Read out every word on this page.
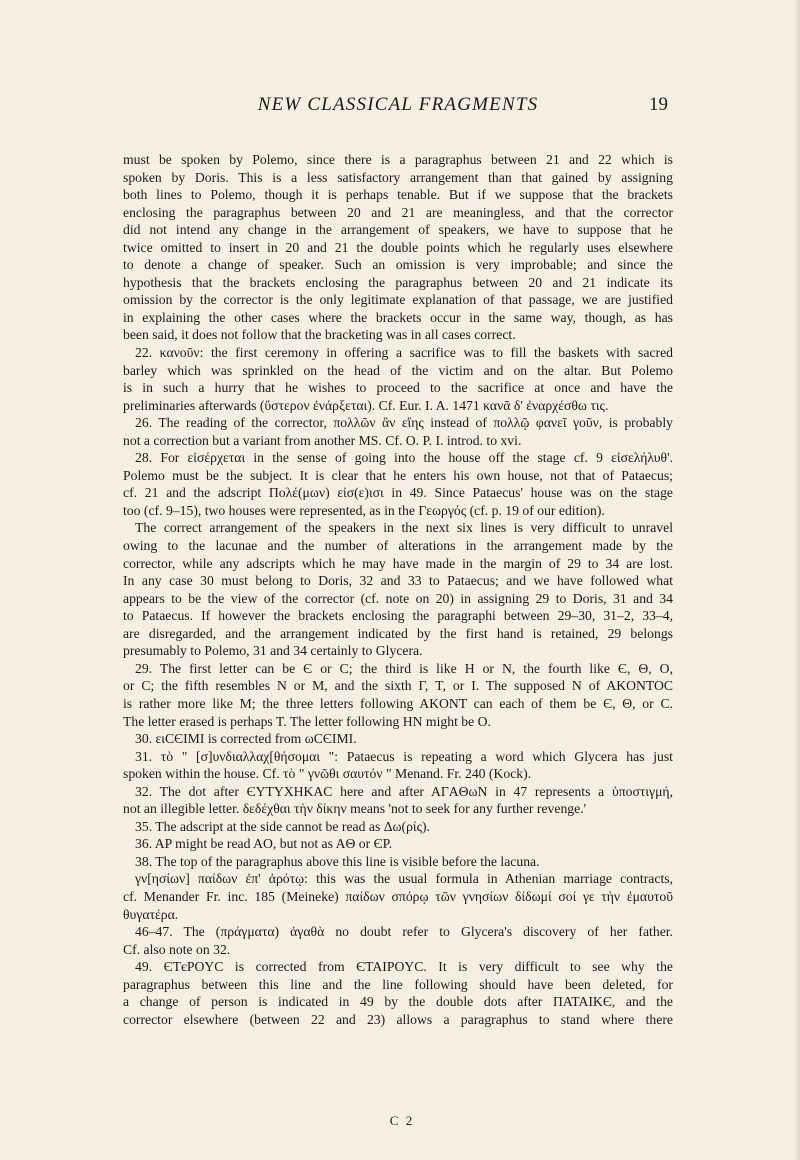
NEW CLASSICAL FRAGMENTS	19
must be spoken by Polemo, since there is a paragraphus between 21 and 22 which is
spoken by Doris. This is a less satisfactory arrangement than that gained by assigning
both lines to Polemo, though it is perhaps tenable. But if we suppose that the brackets
enclosing the paragraphus between 20 and 21 are meaningless, and that the corrector
did not intend any change in the arrangement of speakers, we have to suppose that he
twice omitted to insert in 20 and 21 the double points which he regularly uses elsewhere
to denote a change of speaker. Such an omission is very improbable; and since the
hypothesis that the brackets enclosing the paragraphus between 20 and 21 indicate its
omission by the corrector is the only legitimate explanation of that passage, we are justified
in explaining the other cases where the brackets occur in the same way, though, as has
been said, it does not follow that the bracketing was in all cases correct.
22. κανοῦν: the first ceremony in offering a sacrifice was to fill the baskets with sacred
barley which was sprinkled on the head of the victim and on the altar. But Polemo
is in such a hurry that he wishes to proceed to the sacrifice at once and have the
preliminaries afterwards (ὕστερον ἐνάρξεται). Cf. Eur. I. A. 1471 κανᾶ δ' ἐναρχέσθω τις.
26. The reading of the corrector, πολλῶν ἂν εἴης instead of πολλῷ φανεῖ γοῦν, is probably
not a correction but a variant from another MS. Cf. O. P. I. introd. to xvi.
28. For εἰσέρχεται in the sense of going into the house off the stage cf. 9 εἰσελήλυθ'.
Polemo must be the subject. It is clear that he enters his own house, not that of Pataecus;
cf. 21 and the adscript Πολέ(μων) εἰσ(ε)ισι in 49. Since Pataecus' house was on the stage
too (cf. 9–15), two houses were represented, as in the Γεωργός (cf. p. 19 of our edition).
The correct arrangement of the speakers in the next six lines is very difficult to unravel
owing to the lacunae and the number of alterations in the arrangement made by the
corrector, while any adscripts which he may have made in the margin of 29 to 34 are lost.
In any case 30 must belong to Doris, 32 and 33 to Pataecus; and we have followed what
appears to be the view of the corrector (cf. note on 20) in assigning 29 to Doris, 31 and 34
to Pataecus. If however the brackets enclosing the paragraphi between 29–30, 31–2, 33–4,
are disregarded, and the arrangement indicated by the first hand is retained, 29 belongs
presumably to Polemo, 31 and 34 certainly to Glycera.
29. The first letter can be Є or C; the third is like H or N, the fourth like Є, Θ, O,
or C; the fifth resembles N or M, and the sixth Γ, T, or I. The supposed N of AKONTOC
is rather more like M; the three letters following AKONT can each of them be Є, Θ, or C.
The letter erased is perhaps T. The letter following HN might be O.
30. ειCЄIMI is corrected from ωCЄIMI.
31. τὸ " [σ]υνδιαλλαχ[θήσομαι ": Pataecus is repeating a word which Glycera has just
spoken within the house. Cf. τὸ " γνῶθι σαυτόν " Menand. Fr. 240 (Kock).
32. The dot after ЄYTYXHKAC here and after AΓAΘωN in 47 represents a ὑποστιγμή,
not an illegible letter. δεδέχθαι τὴν δίκην means 'not to seek for any further revenge.'
35. The adscript at the side cannot be read as Δω(ρίς).
36. AP might be read AO, but not as AΘ or ЄP.
38. The top of the paragraphus above this line is visible before the lacuna.
γν[ησίων] παίδων ἐπ' ἀρότῳ: this was the usual formula in Athenian marriage contracts,
cf. Menander Fr. inc. 185 (Meineke) παίδων σπόρῳ τῶν γνησίων δίδωμί σοί γε τὴν ἐμαυτοῦ
θυγατέρα.
46–47. The (πράγματα) ἀγαθὰ no doubt refer to Glycera's discovery of her father.
Cf. also note on 32.
49. ЄTєPOYC is corrected from ЄTAIPOYC. It is very difficult to see why the
paragraphus between this line and the line following should have been deleted, for
a change of person is indicated in 49 by the double dots after ΠATAIKЄ, and the
corrector elsewhere (between 22 and 23) allows a paragraphus to stand where there
C 2
